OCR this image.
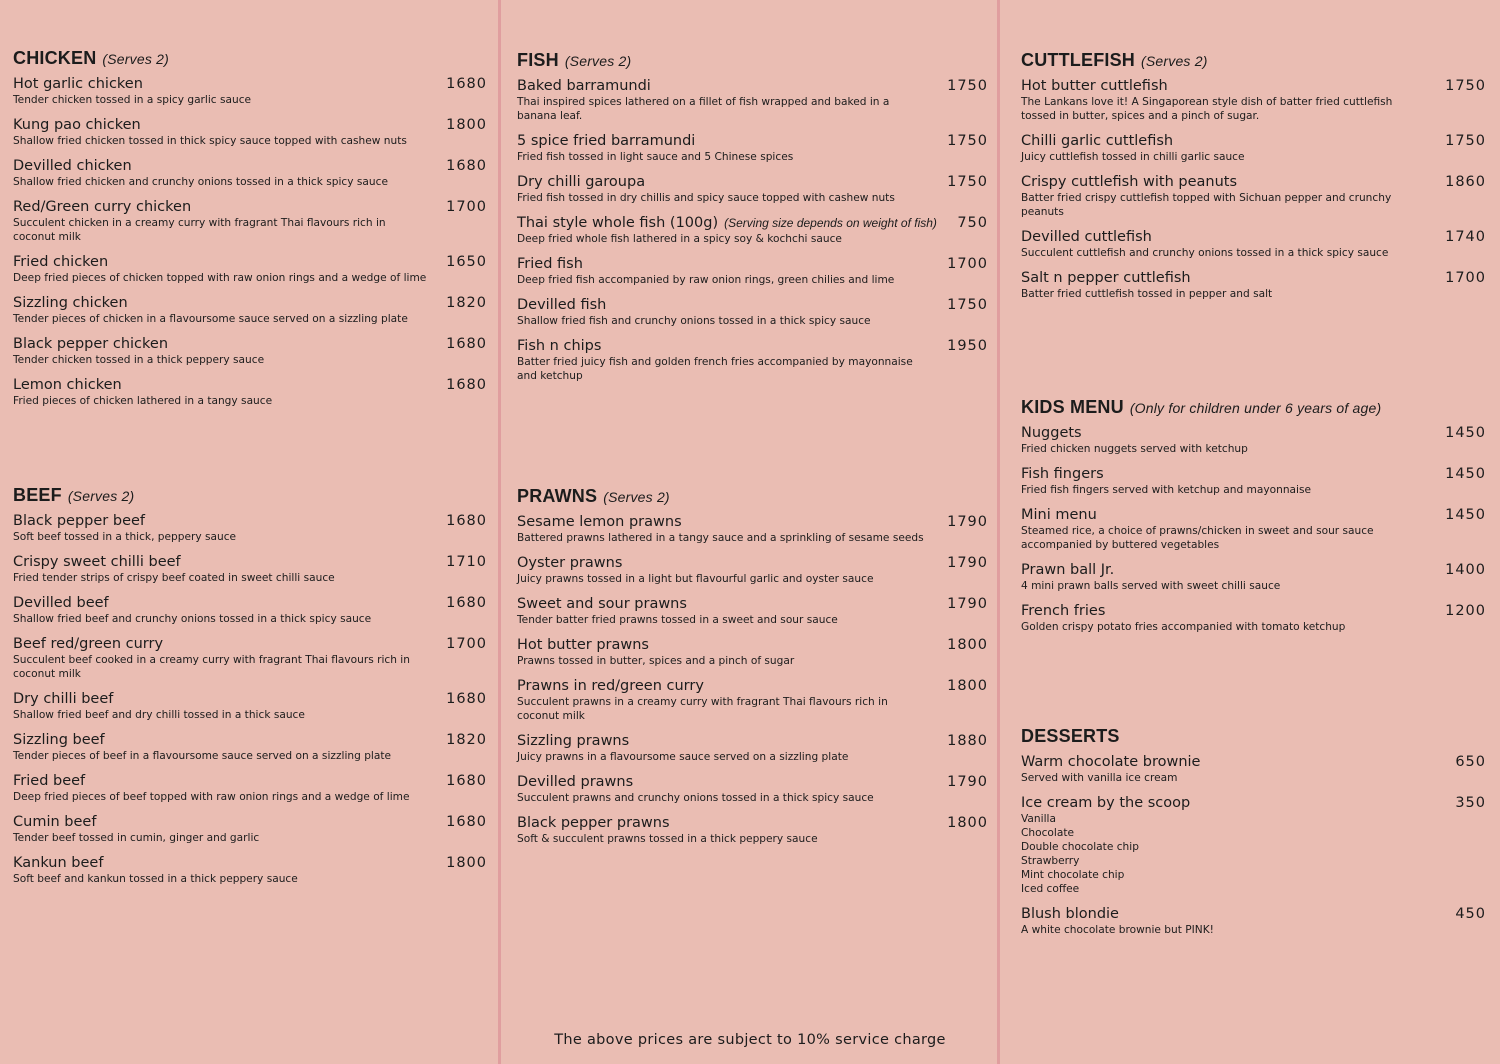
CHICKEN (Serves 2)
Hot garlic chicken	1680
Tender chicken tossed in a spicy garlic sauce
Kung pao chicken	1800
Shallow fried chicken tossed in thick spicy sauce topped with cashew nuts
Devilled chicken	1680
Shallow fried chicken and crunchy onions tossed in a thick spicy sauce
Red/Green curry chicken	1700
Succulent chicken in a creamy curry with fragrant Thai flavours rich in coconut milk
Fried chicken	1650
Deep fried pieces of chicken topped with raw onion rings and a wedge of lime
Sizzling chicken	1820
Tender pieces of chicken in a flavoursome sauce served on a sizzling plate
Black pepper chicken	1680
Tender chicken tossed in a thick peppery sauce
Lemon chicken	1680
Fried pieces of chicken lathered in a tangy sauce
BEEF (Serves 2)
Black pepper beef	1680
Soft beef tossed in a thick, peppery sauce
Crispy sweet chilli beef	1710
Fried tender strips of crispy beef coated in sweet chilli sauce
Devilled beef	1680
Shallow fried beef and crunchy onions tossed in a thick spicy sauce
Beef red/green curry	1700
Succulent beef cooked in a creamy curry with fragrant Thai flavours rich in coconut milk
Dry chilli beef	1680
Shallow fried beef and dry chilli tossed in a thick sauce
Sizzling beef	1820
Tender pieces of beef in a flavoursome sauce served on a sizzling plate
Fried beef	1680
Deep fried pieces of beef topped with raw onion rings and a wedge of lime
Cumin beef	1680
Tender beef tossed in cumin, ginger and garlic
Kankun beef	1800
Soft beef and kankun tossed in a thick peppery sauce
FISH (Serves 2)
Baked barramundi	1750
Thai inspired spices lathered on a fillet of fish wrapped and baked in a banana leaf.
5 spice fried barramundi	1750
Fried fish tossed in light sauce and 5 Chinese spices
Dry chilli garoupa	1750
Fried fish tossed in dry chillis and spicy sauce topped with cashew nuts
Thai style whole fish (100g) (Serving size depends on weight of fish) 750
Deep fried whole fish lathered in a spicy soy & kochchi sauce
Fried fish	1700
Deep fried fish accompanied by raw onion rings, green chilies and lime
Devilled fish	1750
Shallow fried fish and crunchy onions tossed in a thick spicy sauce
Fish n chips	1950
Batter fried juicy fish and golden french fries accompanied by mayonnaise and ketchup
PRAWNS (Serves 2)
Sesame lemon prawns	1790
Battered prawns lathered in a tangy sauce and a sprinkling of sesame seeds
Oyster prawns	1790
Juicy prawns tossed in a light but flavourful garlic and oyster sauce
Sweet and sour prawns	1790
Tender batter fried prawns tossed in a sweet and sour sauce
Hot butter prawns	1800
Prawns tossed in butter, spices and a pinch of sugar
Prawns in red/green curry	1800
Succulent prawns in a creamy curry with fragrant Thai flavours rich in coconut milk
Sizzling prawns	1880
Juicy prawns in a flavoursome sauce served on a sizzling plate
Devilled prawns	1790
Succulent prawns and crunchy onions tossed in a thick spicy sauce
Black pepper prawns	1800
Soft & succulent prawns tossed in a thick peppery sauce
CUTTLEFISH (Serves 2)
Hot butter cuttlefish	1750
The Lankans love it! A Singaporean style dish of batter fried cuttlefish tossed in butter, spices and a pinch of sugar.
Chilli garlic cuttlefish	1750
Juicy cuttlefish tossed in chilli garlic sauce
Crispy cuttlefish with peanuts	1860
Batter fried crispy cuttlefish topped with Sichuan pepper and crunchy peanuts
Devilled cuttlefish	1740
Succulent cuttlefish and crunchy onions tossed in a thick spicy sauce
Salt n pepper cuttlefish	1700
Batter fried cuttlefish tossed in pepper and salt
KIDS MENU (Only for children under 6 years of age)
Nuggets	1450
Fried chicken nuggets served with ketchup
Fish fingers	1450
Fried fish fingers served with ketchup and mayonnaise
Mini menu	1450
Steamed rice, a choice of prawns/chicken in sweet and sour sauce accompanied by buttered vegetables
Prawn ball Jr.	1400
4 mini prawn balls served with sweet chilli sauce
French fries	1200
Golden crispy potato fries accompanied with tomato ketchup
DESSERTS
Warm chocolate brownie	650
Served with vanilla ice cream
Ice cream by the scoop	350
Vanilla
Chocolate
Double chocolate chip
Strawberry
Mint chocolate chip
Iced coffee
Blush blondie	450
A white chocolate brownie but PINK!
The above prices are subject to 10% service charge
